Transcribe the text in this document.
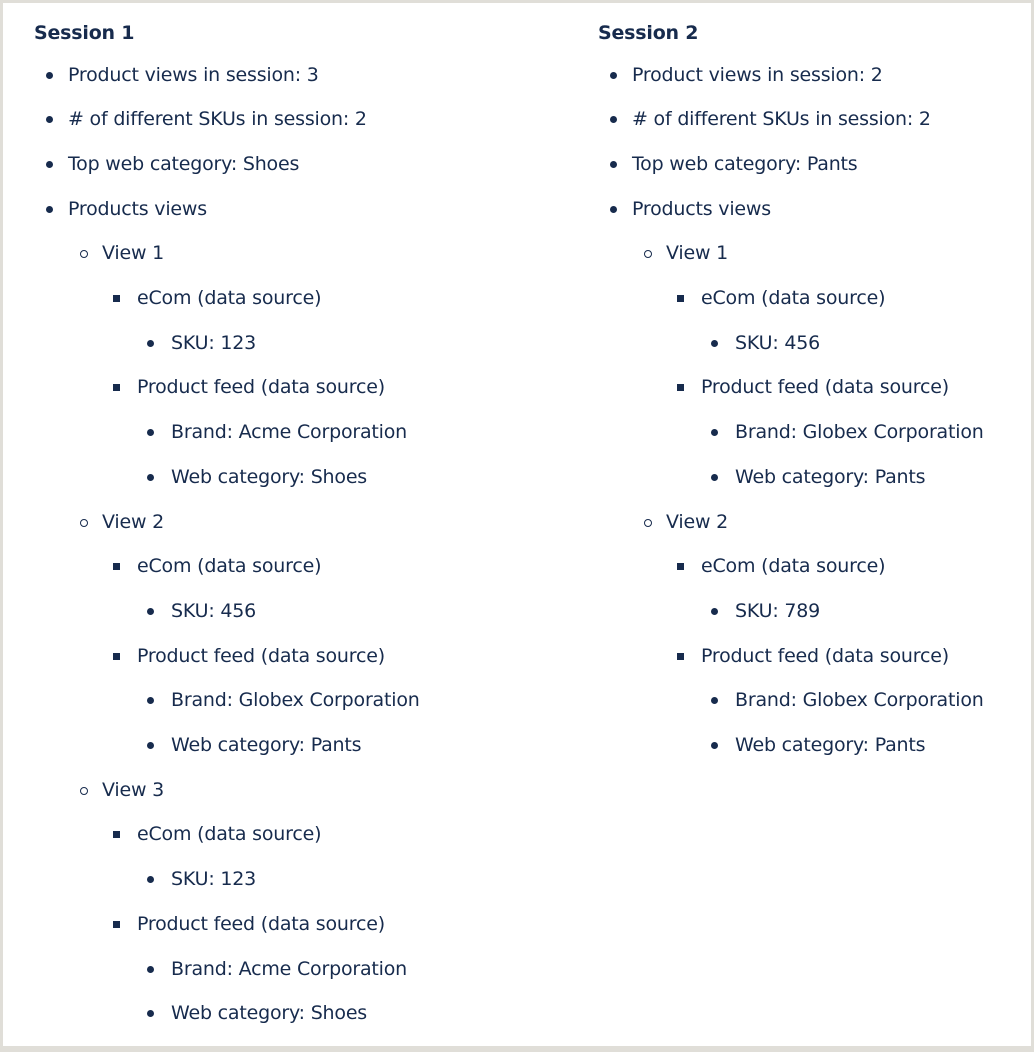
Session 1
Product views in session: 3
# of different SKUs in session: 2
Top web category: Shoes
Products views
View 1
eCom (data source)
SKU: 123
Product feed (data source)
Brand: Acme Corporation
Web category: Shoes
View 2
eCom (data source)
SKU: 456
Product feed (data source)
Brand: Globex Corporation
Web category: Pants
View 3
eCom (data source)
SKU: 123
Product feed (data source)
Brand: Acme Corporation
Web category: Shoes
Session 2
Product views in session: 2
# of different SKUs in session: 2
Top web category: Pants
Products views
View 1
eCom (data source)
SKU: 456
Product feed (data source)
Brand: Globex Corporation
Web category: Pants
View 2
eCom (data source)
SKU: 789
Product feed (data source)
Brand: Globex Corporation
Web category: Pants
